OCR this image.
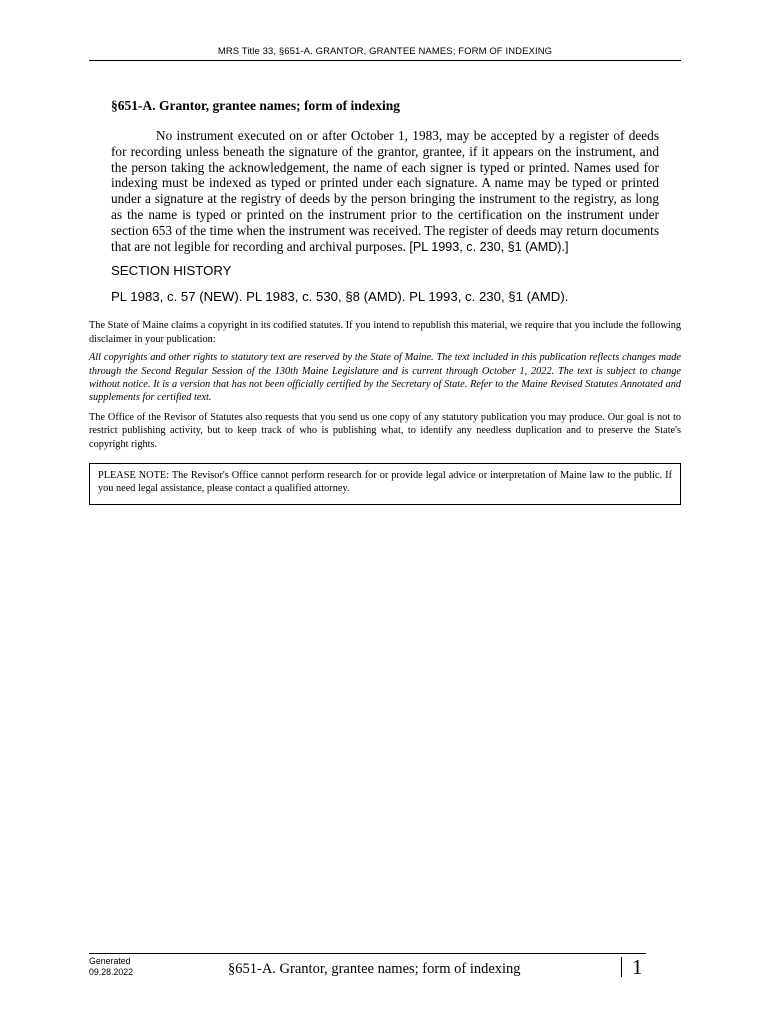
MRS Title 33, §651-A. GRANTOR, GRANTEE NAMES; FORM OF INDEXING
§651-A. Grantor, grantee names; form of indexing

No instrument executed on or after October 1, 1983, may be accepted by a register of deeds for recording unless beneath the signature of the grantor, grantee, if it appears on the instrument, and the person taking the acknowledgement, the name of each signer is typed or printed. Names used for indexing must be indexed as typed or printed under each signature. A name may be typed or printed under a signature at the registry of deeds by the person bringing the instrument to the registry, as long as the name is typed or printed on the instrument prior to the certification on the instrument under section 653 of the time when the instrument was received. The register of deeds may return documents that are not legible for recording and archival purposes. [PL 1993, c. 230, §1 (AMD).]

SECTION HISTORY
PL 1983, c. 57 (NEW). PL 1983, c. 530, §8 (AMD). PL 1993, c. 230, §1 (AMD).

The State of Maine claims a copyright in its codified statutes. If you intend to republish this material, we require that you include the following disclaimer in your publication:

All copyrights and other rights to statutory text are reserved by the State of Maine. The text included in this publication reflects changes made through the Second Regular Session of the 130th Maine Legislature and is current through October 1, 2022. The text is subject to change without notice. It is a version that has not been officially certified by the Secretary of State. Refer to the Maine Revised Statutes Annotated and supplements for certified text.

The Office of the Revisor of Statutes also requests that you send us one copy of any statutory publication you may produce. Our goal is not to restrict publishing activity, but to keep track of who is publishing what, to identify any needless duplication and to preserve the State's copyright rights.

PLEASE NOTE: The Revisor's Office cannot perform research for or provide legal advice or interpretation of Maine law to the public. If you need legal assistance, please contact a qualified attorney.
Generated
09.28.2022	§651-A. Grantor, grantee names; form of indexing	1
